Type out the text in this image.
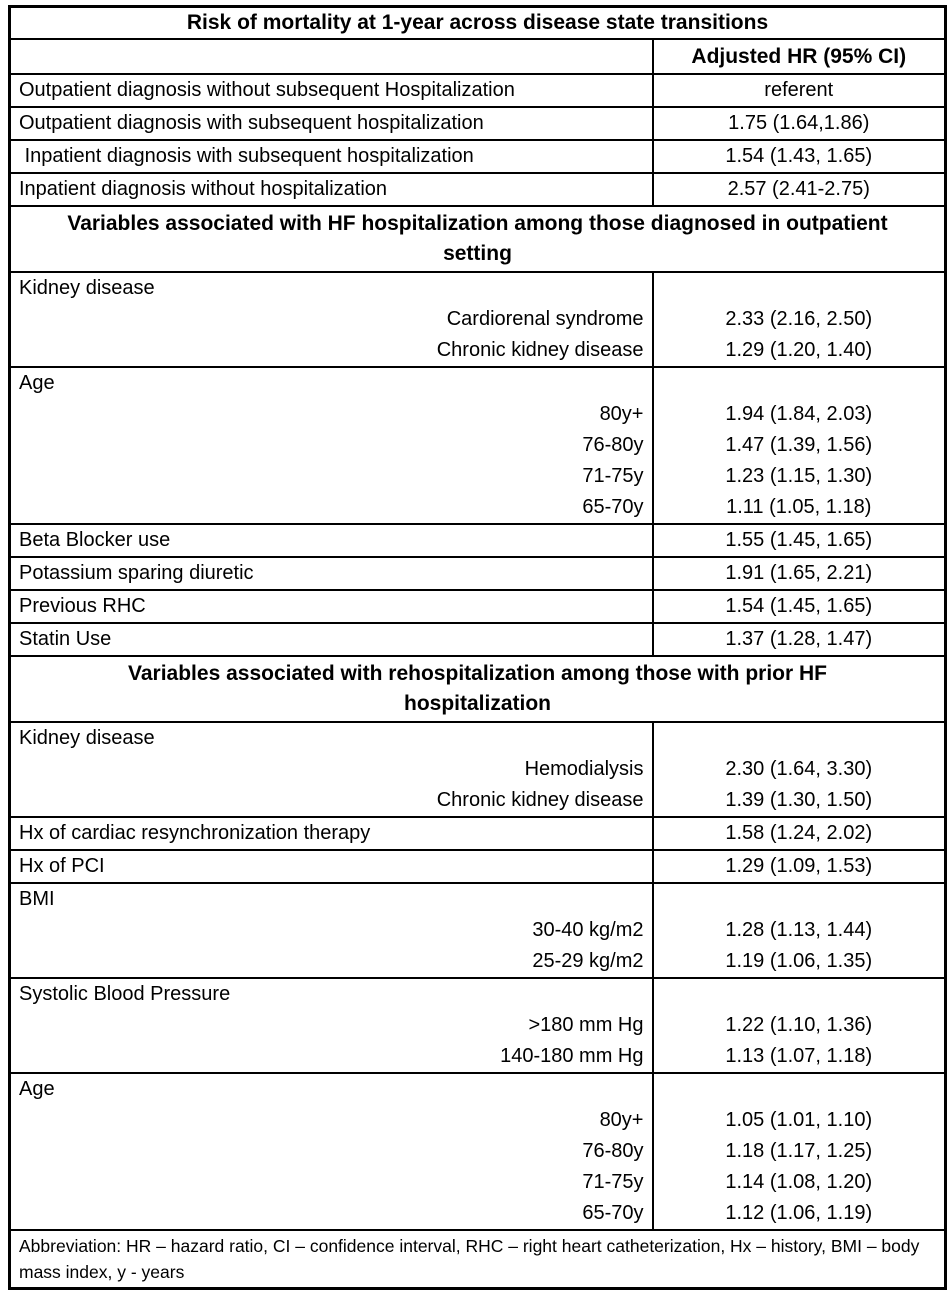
Risk of mortality at 1-year across disease state transitions	
	Adjusted HR (95% CI)
Outpatient diagnosis without subsequent Hospitalization	referent
Outpatient diagnosis with subsequent hospitalization	1.75 (1.64,1.86)
Inpatient diagnosis with subsequent hospitalization	1.54 (1.43, 1.65)
Inpatient diagnosis without hospitalization	2.57 (2.41-2.75)
Variables associated with HF hospitalization among those diagnosed in outpatient setting	
Kidney disease	
Cardiorenal syndrome	2.33 (2.16, 2.50)
Chronic kidney disease	1.29 (1.20, 1.40)
Age	
80y+	1.94 (1.84, 2.03)
76-80y	1.47 (1.39, 1.56)
71-75y	1.23 (1.15, 1.30)
65-70y	1.11 (1.05, 1.18)
Beta Blocker use	1.55 (1.45, 1.65)
Potassium sparing diuretic	1.91 (1.65, 2.21)
Previous RHC	1.54 (1.45, 1.65)
Statin Use	1.37 (1.28, 1.47)
Variables associated with rehospitalization among those with prior HF hospitalization	
Kidney disease	
Hemodialysis	2.30 (1.64, 3.30)
Chronic kidney disease	1.39 (1.30, 1.50)
Hx of cardiac resynchronization therapy	1.58 (1.24, 2.02)
Hx of PCI	1.29 (1.09, 1.53)
BMI	
30-40 kg/m2	1.28 (1.13, 1.44)
25-29 kg/m2	1.19 (1.06, 1.35)
Systolic Blood Pressure	
>180 mm Hg	1.22 (1.10, 1.36)
140-180 mm Hg	1.13 (1.07, 1.18)
Age	
80y+	1.05 (1.01, 1.10)
76-80y	1.18 (1.17, 1.25)
71-75y	1.14 (1.08, 1.20)
65-70y	1.12 (1.06, 1.19)
Abbreviation: HR – hazard ratio, CI – confidence interval, RHC – right heart catheterization, Hx – history, BMI – body mass index, y - years	
